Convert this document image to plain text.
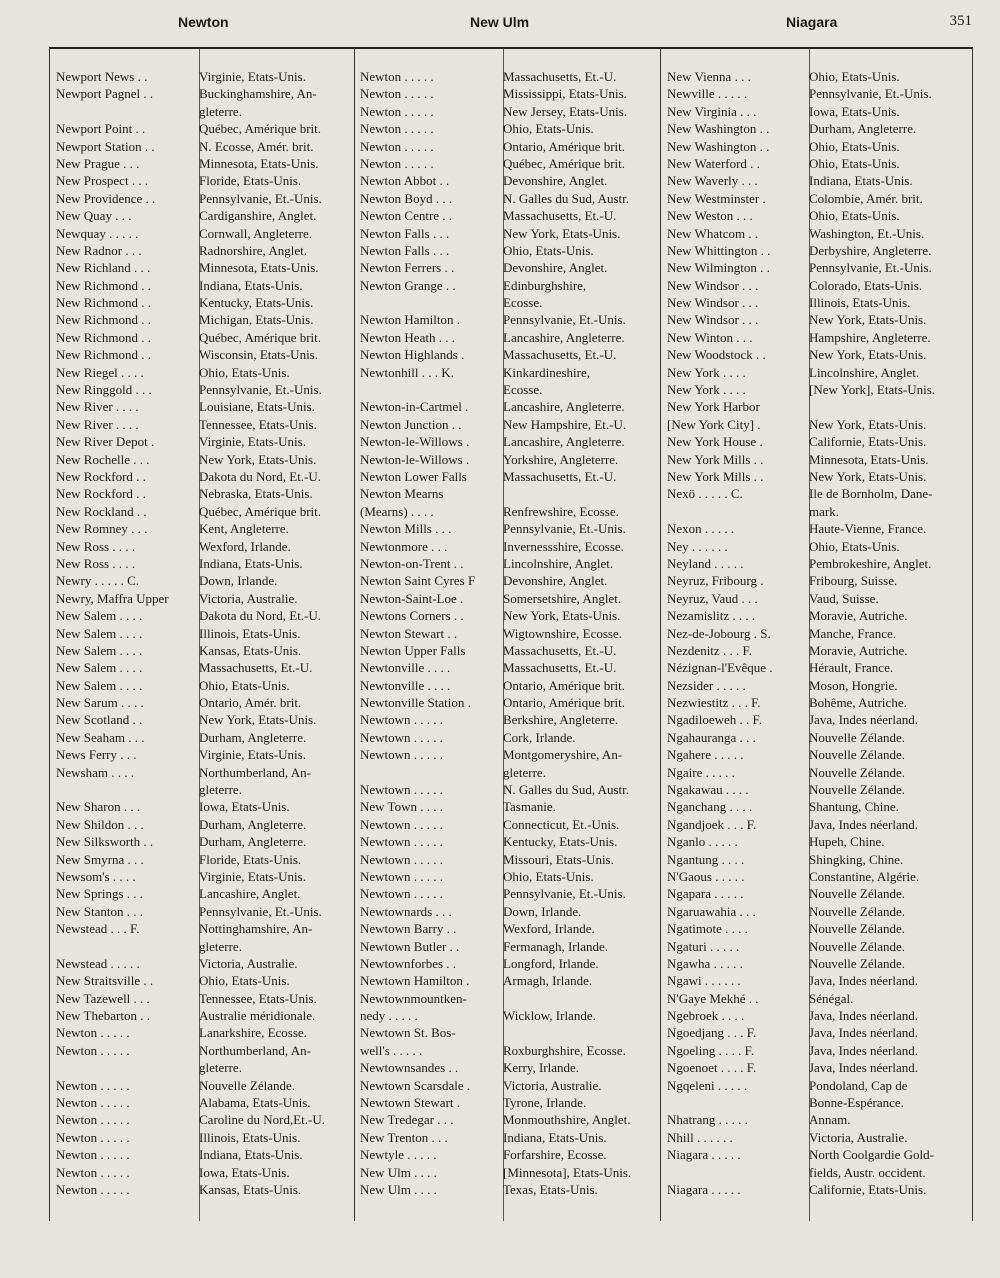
Newton	New Ulm	Niagara	351
Newport News . .	Virginie, Etats-Unis.
Newport Pagnel . .	Buckinghamshire, An-
gleterre.
Newport Point . .	Québec, Amérique brit.
Newport Station . .	N. Ecosse, Amér. brit.
New Prague . . .	Minnesota, Etats-Unis.
New Prospect . . .	Floride, Etats-Unis.
New Providence . .	Pennsylvanie, Et.-Unis.
New Quay . . .	Cardiganshire, Anglet.
Newquay . . . . .	Cornwall, Angleterre.
New Radnor . . .	Radnorshire, Anglet.
New Richland . . .	Minnesota, Etats-Unis.
New Richmond . .	Indiana, Etats-Unis.
New Richmond . .	Kentucky, Etats-Unis.
New Richmond . .	Michigan, Etats-Unis.
New Richmond . .	Québec, Amérique brit.
New Richmond . .	Wisconsin, Etats-Unis.
New Riegel . . . .	Ohio, Etats-Unis.
New Ringgold . . .	Pennsylvanie, Et.-Unis.
New River . . . .	Louisiane, Etats-Unis.
New River . . . .	Tennessee, Etats-Unis.
New River Depot .	Virginie, Etats-Unis.
New Rochelle . . .	New York, Etats-Unis.
New Rockford . .	Dakota du Nord, Et.-U.
New Rockford . .	Nebraska, Etats-Unis.
New Rockland . .	Québec, Amérique brit.
New Romney . . .	Kent, Angleterre.
New Ross . . . .	Wexford, Irlande.
New Ross . . . .	Indiana, Etats-Unis.
Newry . . . . . C.	Down, Irlande.
Newry, Maffra Upper	Victoria, Australie.
New Salem . . . .	Dakota du Nord, Et.-U.
New Salem . . . .	Illinois, Etats-Unis.
New Salem . . . .	Kansas, Etats-Unis.
New Salem . . . .	Massachusetts, Et.-U.
New Salem . . . .	Ohio, Etats-Unis.
New Sarum . . . .	Ontario, Amér. brit.
New Scotland . .	New York, Etats-Unis.
New Seaham . . .	Durham, Angleterre.
News Ferry . . .	Virginie, Etats-Unis.
Newsham . . . .	Northumberland, An-
gleterre.
New Sharon . . .	Iowa, Etats-Unis.
New Shildon . . .	Durham, Angleterre.
New Silksworth . .	Durham, Angleterre.
New Smyrna . . .	Floride, Etats-Unis.
Newsom's . . . .	Virginie, Etats-Unis.
New Springs . . .	Lancashire, Anglet.
New Stanton . . .	Pennsylvanie, Et.-Unis.
Newstead . . . F.	Nottinghamshire, An-
gleterre.
Newstead . . . . .	Victoria, Australie.
New Straitsville . .	Ohio, Etats-Unis.
New Tazewell . . .	Tennessee, Etats-Unis.
New Thebarton . .	Australie méridionale.
Newton . . . . .	Lanarkshire, Ecosse.
Newton . . . . .	Northumberland, An-
gleterre.
Newton . . . . .	Nouvelle Zélande.
Newton . . . . .	Alabama, Etats-Unis.
Newton . . . . .	Caroline du Nord,Et.-U.
Newton . . . . .	Illinois, Etats-Unis.
Newton . . . . .	Indiana, Etats-Unis.
Newton . . . . .	Iowa, Etats-Unis.
Newton . . . . .	Kansas, Etats-Unis.
Newton . . . . .	Massachusetts, Et.-U.
Newton . . . . .	Mississippi, Etats-Unis.
Newton . . . . .	New Jersey, Etats-Unis.
Newton . . . . .	Ohio, Etats-Unis.
Newton . . . . .	Ontario, Amérique brit.
Newton . . . . .	Québec, Amérique brit.
Newton Abbot . .	Devonshire, Anglet.
Newton Boyd . . .	N. Galles du Sud, Austr.
Newton Centre . .	Massachusetts, Et.-U.
Newton Falls . . .	New York, Etats-Unis.
Newton Falls . . .	Ohio, Etats-Unis.
Newton Ferrers . .	Devonshire, Anglet.
Newton Grange . .	Edinburghshire,
Ecosse.
Newton Hamilton .	Pennsylvanie, Et.-Unis.
Newton Heath . . .	Lancashire, Angleterre.
Newton Highlands .	Massachusetts, Et.-U.
Newtonhill . . . K.	Kinkardineshire,
Ecosse.
Newton-in-Cartmel .	Lancashire, Angleterre.
Newton Junction . .	New Hampshire, Et.-U.
Newton-le-Willows .	Lancashire, Angleterre.
Newton-le-Willows .	Yorkshire, Angleterre.
Newton Lower Falls	Massachusetts, Et.-U.
Newton Mearns
(Mearns) . . . .	Renfrewshire, Ecosse.
Newton Mills . . .	Pennsylvanie, Et.-Unis.
Newtonmore . . .	Invernessshire, Ecosse.
Newton-on-Trent . .	Lincolnshire, Anglet.
Newton Saint Cyres F	Devonshire, Anglet.
Newton-Saint-Loe .	Somersetshire, Anglet.
Newtons Corners . .	New York, Etats-Unis.
Newton Stewart . .	Wigtownshire, Ecosse.
Newton Upper Falls	Massachusetts, Et.-U.
Newtonville . . . .	Massachusetts, Et.-U.
Newtonville . . . .	Ontario, Amérique brit.
Newtonville Station .	Ontario, Amérique brit.
Newtown . . . . .	Berkshire, Angleterre.
Newtown . . . . .	Cork, Irlande.
Newtown . . . . .	Montgomeryshire, An-
gleterre.
Newtown . . . . .	N. Galles du Sud, Austr.
New Town . . . .	Tasmanie.
Newtown . . . . .	Connecticut, Et.-Unis.
Newtown . . . . .	Kentucky, Etats-Unis.
Newtown . . . . .	Missouri, Etats-Unis.
Newtown . . . . .	Ohio, Etats-Unis.
Newtown . . . . .	Pennsylvanie, Et.-Unis.
Newtownards . . .	Down, Irlande.
Newtown Barry . .	Wexford, Irlande.
Newtown Butler . .	Fermanagh, Irlande.
Newtownforbes . .	Longford, Irlande.
Newtown Hamilton .	Armagh, Irlande.
Newtownmountken-
nedy . . . . .	Wicklow, Irlande.
Newtown St. Bos-
well's . . . . .	Roxburghshire, Ecosse.
Newtownsandes . .	Kerry, Irlande.
Newtown Scarsdale .	Victoria, Australie.
Newtown Stewart .	Tyrone, Irlande.
New Tredegar . . .	Monmouthshire, Anglet.
New Trenton . . .	Indiana, Etats-Unis.
Newtyle . . . . .	Forfarshire, Ecosse.
New Ulm . . . .	[Minnesota], Etats-Unis.
New Ulm . . . .	Texas, Etats-Unis.
New Vienna . . .	Ohio, Etats-Unis.
Newville . . . . .	Pennsylvanie, Et.-Unis.
New Virginia . . .	Iowa, Etats-Unis.
New Washington . .	Durham, Angleterre.
New Washington . .	Ohio, Etats-Unis.
New Waterford . .	Ohio, Etats-Unis.
New Waverly . . .	Indiana, Etats-Unis.
New Westminster .	Colombie, Amér. brit.
New Weston . . .	Ohio, Etats-Unis.
New Whatcom . .	Washington, Et.-Unis.
New Whittington . .	Derbyshire, Angleterre.
New Wilmington . .	Pennsylvanie, Et.-Unis.
New Windsor . . .	Colorado, Etats-Unis.
New Windsor . . .	Illinois, Etats-Unis.
New Windsor . . .	New York, Etats-Unis.
New Winton . . .	Hampshire, Angleterre.
New Woodstock . .	New York, Etats-Unis.
New York . . . .	Lincolnshire, Anglet.
New York . . . .	[New York], Etats-Unis.
New York Harbor
[New York City] .	New York, Etats-Unis.
New York House .	Californie, Etats-Unis.
New York Mills . .	Minnesota, Etats-Unis.
New York Mills . .	New York, Etats-Unis.
Nexö . . . . . C.	Ile de Bornholm, Dane-
mark.
Nexon . . . . .	Haute-Vienne, France.
Ney . . . . . .	Ohio, Etats-Unis.
Neyland . . . . .	Pembrokeshire, Anglet.
Neyruz, Fribourg .	Fribourg, Suisse.
Neyruz, Vaud . . .	Vaud, Suisse.
Nezamislitz . . . .	Moravie, Autriche.
Nez-de-Jobourg . S.	Manche, France.
Nezdenitz . . . F.	Moravie, Autriche.
Nézignan-l'Evêque .	Hérault, France.
Nezsider . . . . .	Moson, Hongrie.
Nezwiestitz . . . F.	Bohême, Autriche.
Ngadiloeweh . . F.	Java, Indes néerland.
Ngahauranga . . .	Nouvelle Zélande.
Ngahere . . . . .	Nouvelle Zélande.
Ngaire . . . . .	Nouvelle Zélande.
Ngakawau . . . .	Nouvelle Zélande.
Nganchang . . . .	Shantung, Chine.
Ngandjoek . . . F.	Java, Indes néerland.
Nganlo . . . . .	Hupeh, Chine.
Ngantung . . . .	Shingking, Chine.
N'Gaous . . . . .	Constantine, Algérie.
Ngapara . . . . .	Nouvelle Zélande.
Ngaruawahia . . .	Nouvelle Zélande.
Ngatimote . . . .	Nouvelle Zélande.
Ngaturi . . . . .	Nouvelle Zélande.
Ngawha . . . . .	Nouvelle Zélande.
Ngawi . . . . . .	Java, Indes néerland.
N'Gaye Mekhé . .	Sénégal.
Ngebroek . . . .	Java, Indes néerland.
Ngoedjang . . . F.	Java, Indes néerland.
Ngoeling . . . . F.	Java, Indes néerland.
Ngoenoet . . . . F.	Java, Indes néerland.
Ngqeleni . . . . .	Pondoland, Cap de
Bonne-Espérance.
Nhatrang . . . . .	Annam.
Nhill . . . . . .	Victoria, Australie.
Niagara . . . . .	North Coolgardie Gold-
fields, Austr. occident.
Niagara . . . . .	Californie, Etats-Unis.
